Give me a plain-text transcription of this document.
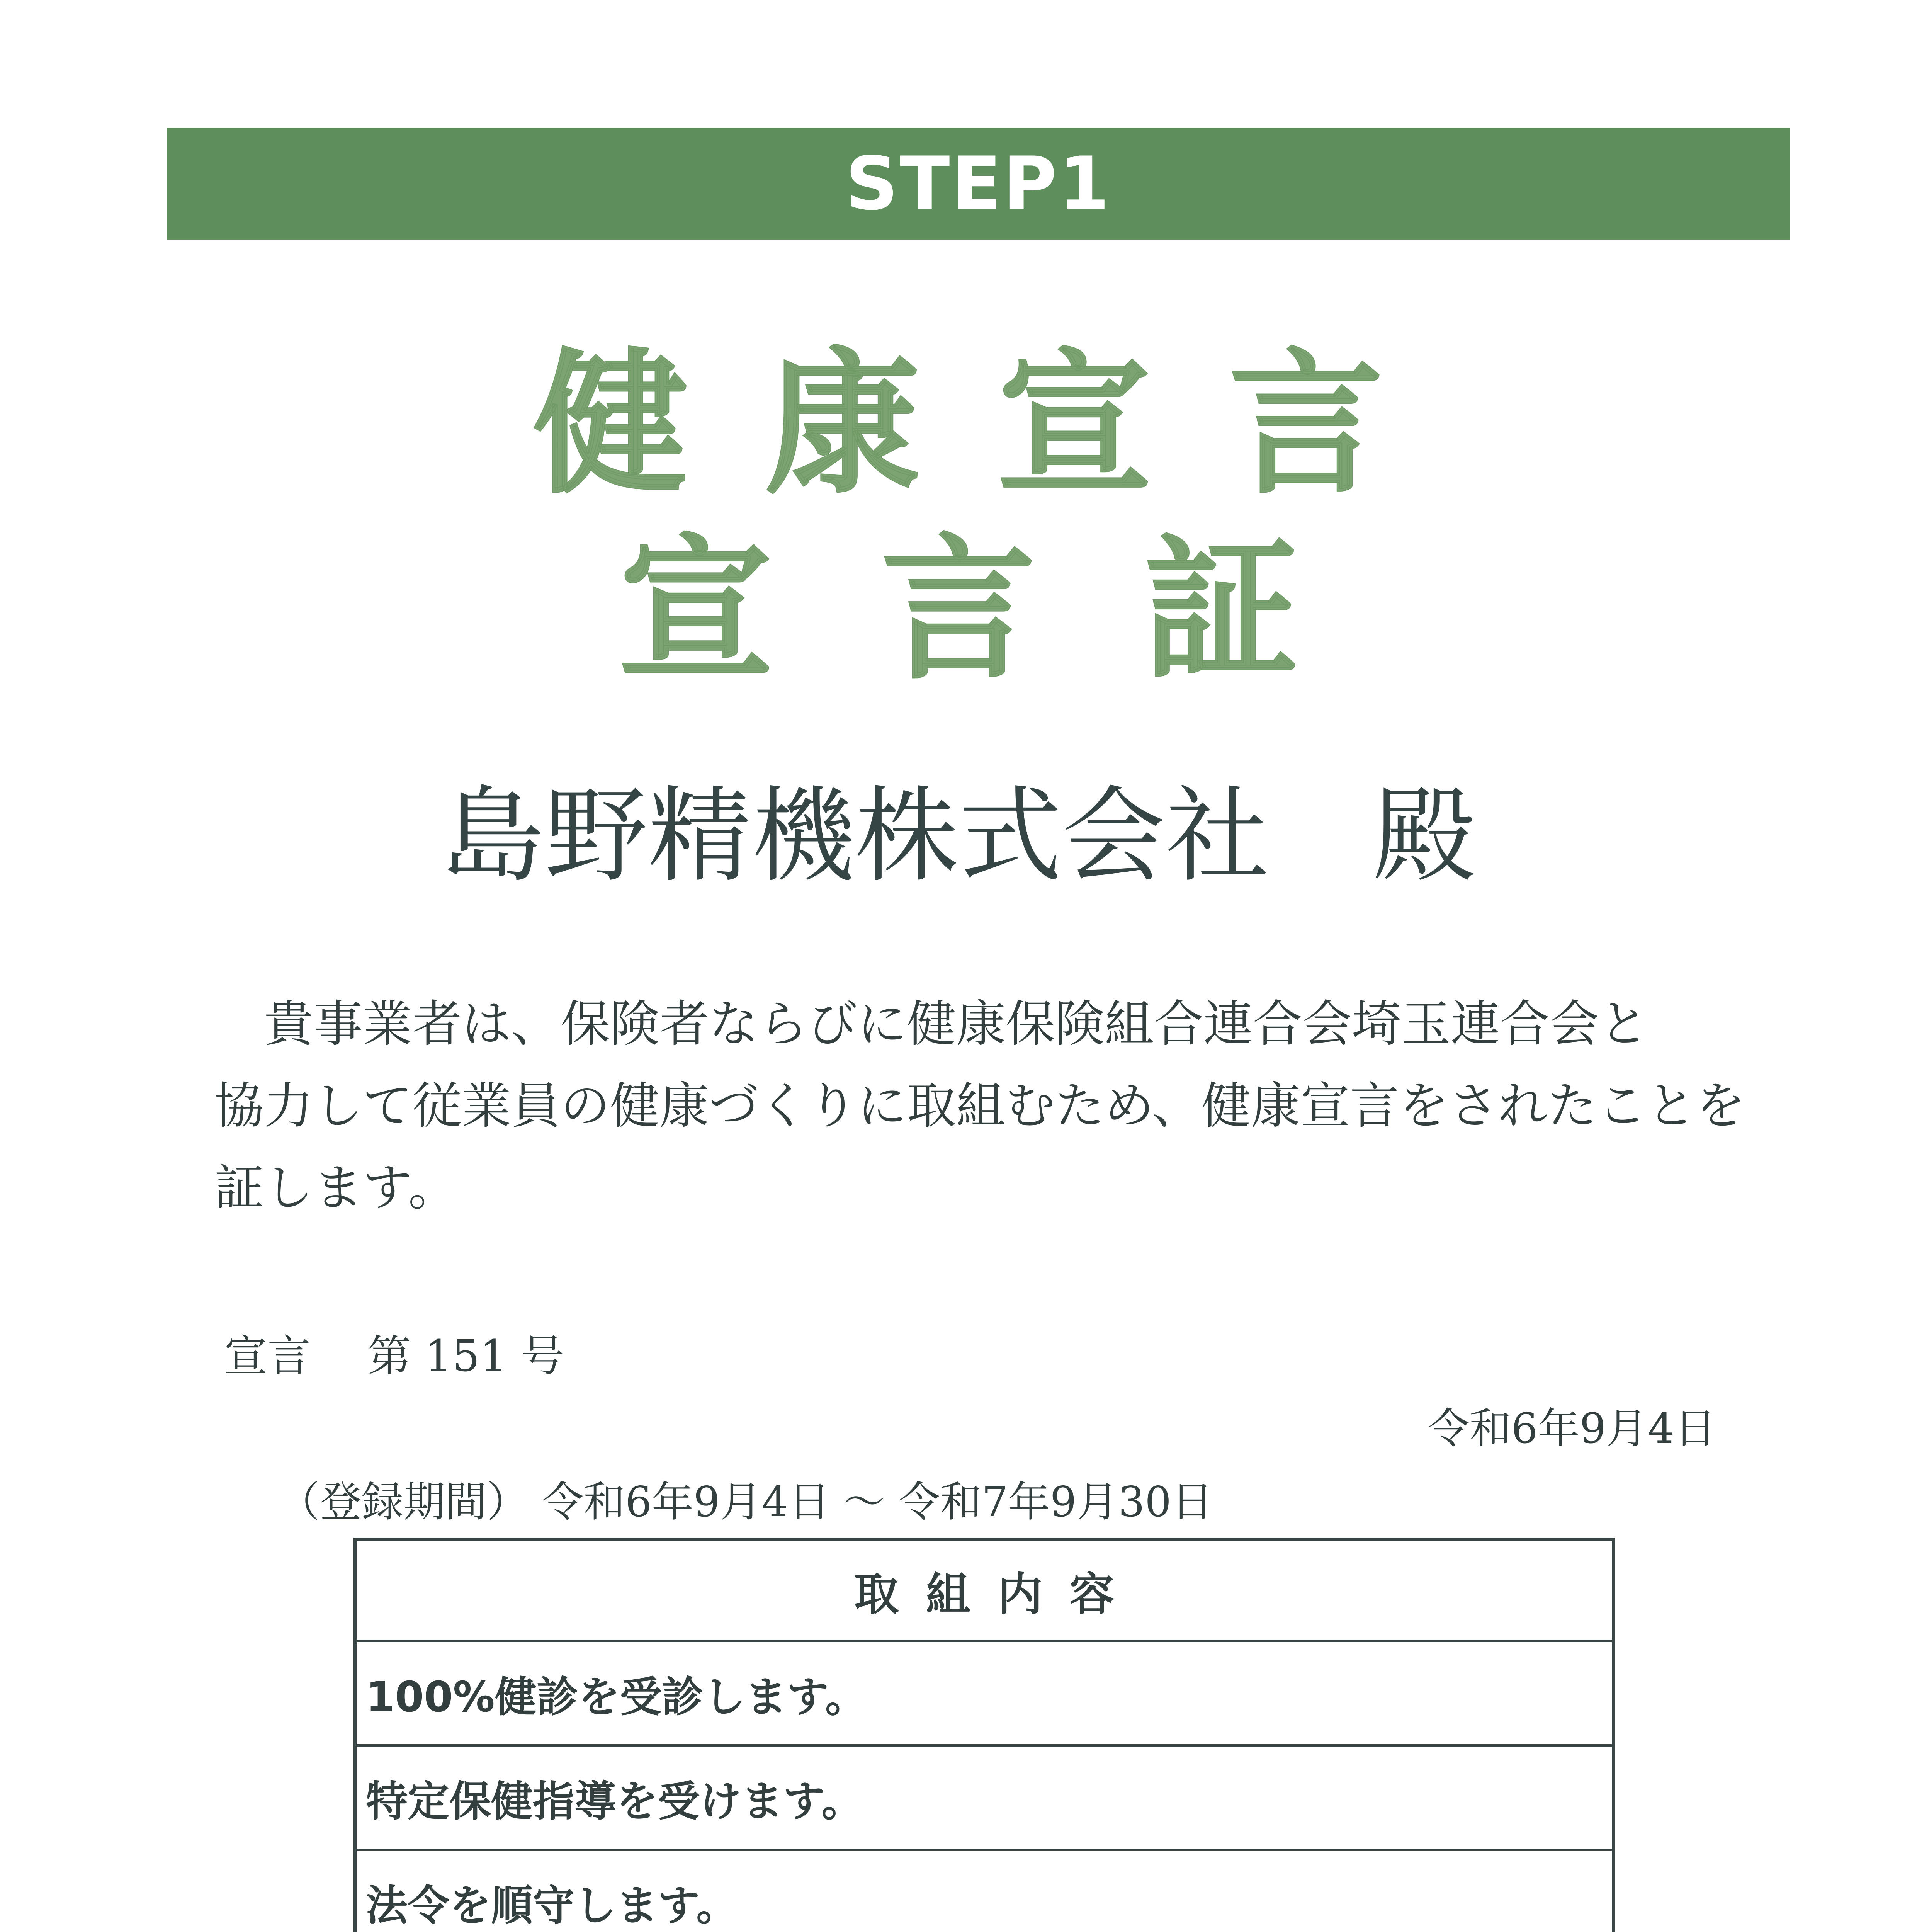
STEP1
健康宣言
宣言証
島野精機株式会社　殿
　貴事業者は、保険者ならびに健康保険組合連合会埼玉連合会と
協力して従業員の健康づくりに取組むため、健康宣言をされたことを
証します。
宣言　 第 151 号
令和6年9月4日
（登録期間） 令和6年9月4日 ～ 令和7年9月30日
取組内容
100%健診を受診します。
特定保健指導を受けます。
法令を順守します。
